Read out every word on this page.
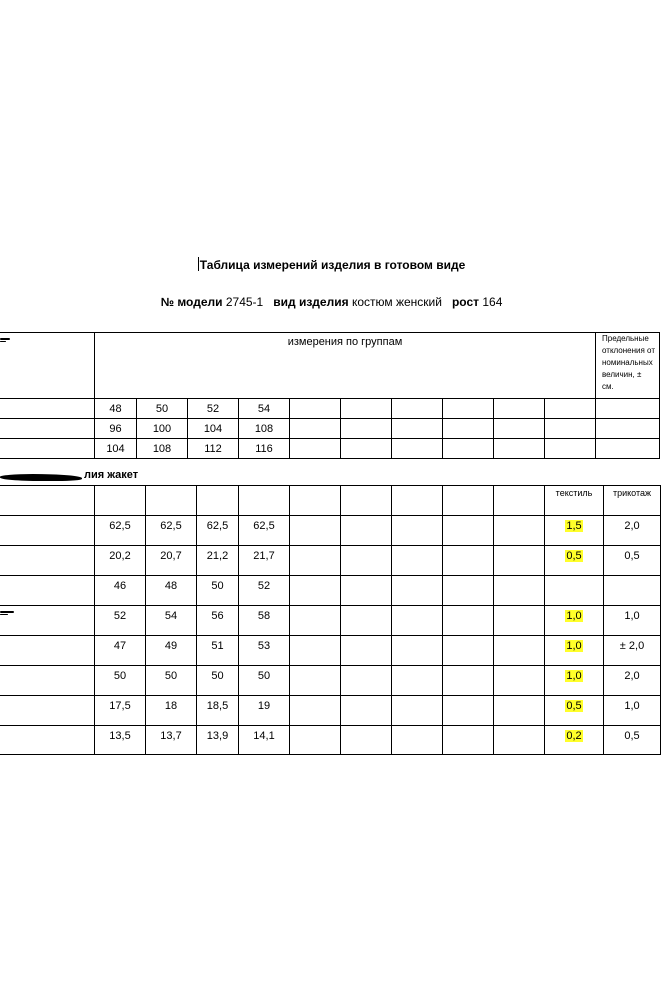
Таблица измерений изделия в готовом виде
№ модели 2745-1 вид изделия костюм женский рост 164
	измерения по группам										Предельные
отклонения от
номинальных
величин, ± см.

	48	50	52	54							
	96	100	104	108							
	104	108	112	116							
лия жакет
										текстиль	трикотаж
	62,5	62,5	62,5	62,5						1,5	2,0
	20,2	20,7	21,2	21,7						0,5	0,5
	46	48	50	52							
	52	54	56	58						1,0	1,0
	47	49	51	53						1,0	± 2,0
	50	50	50	50						1,0	2,0
	17,5	18	18,5	19						0,5	1,0
	13,5	13,7	13,9	14,1						0,2	0,5
